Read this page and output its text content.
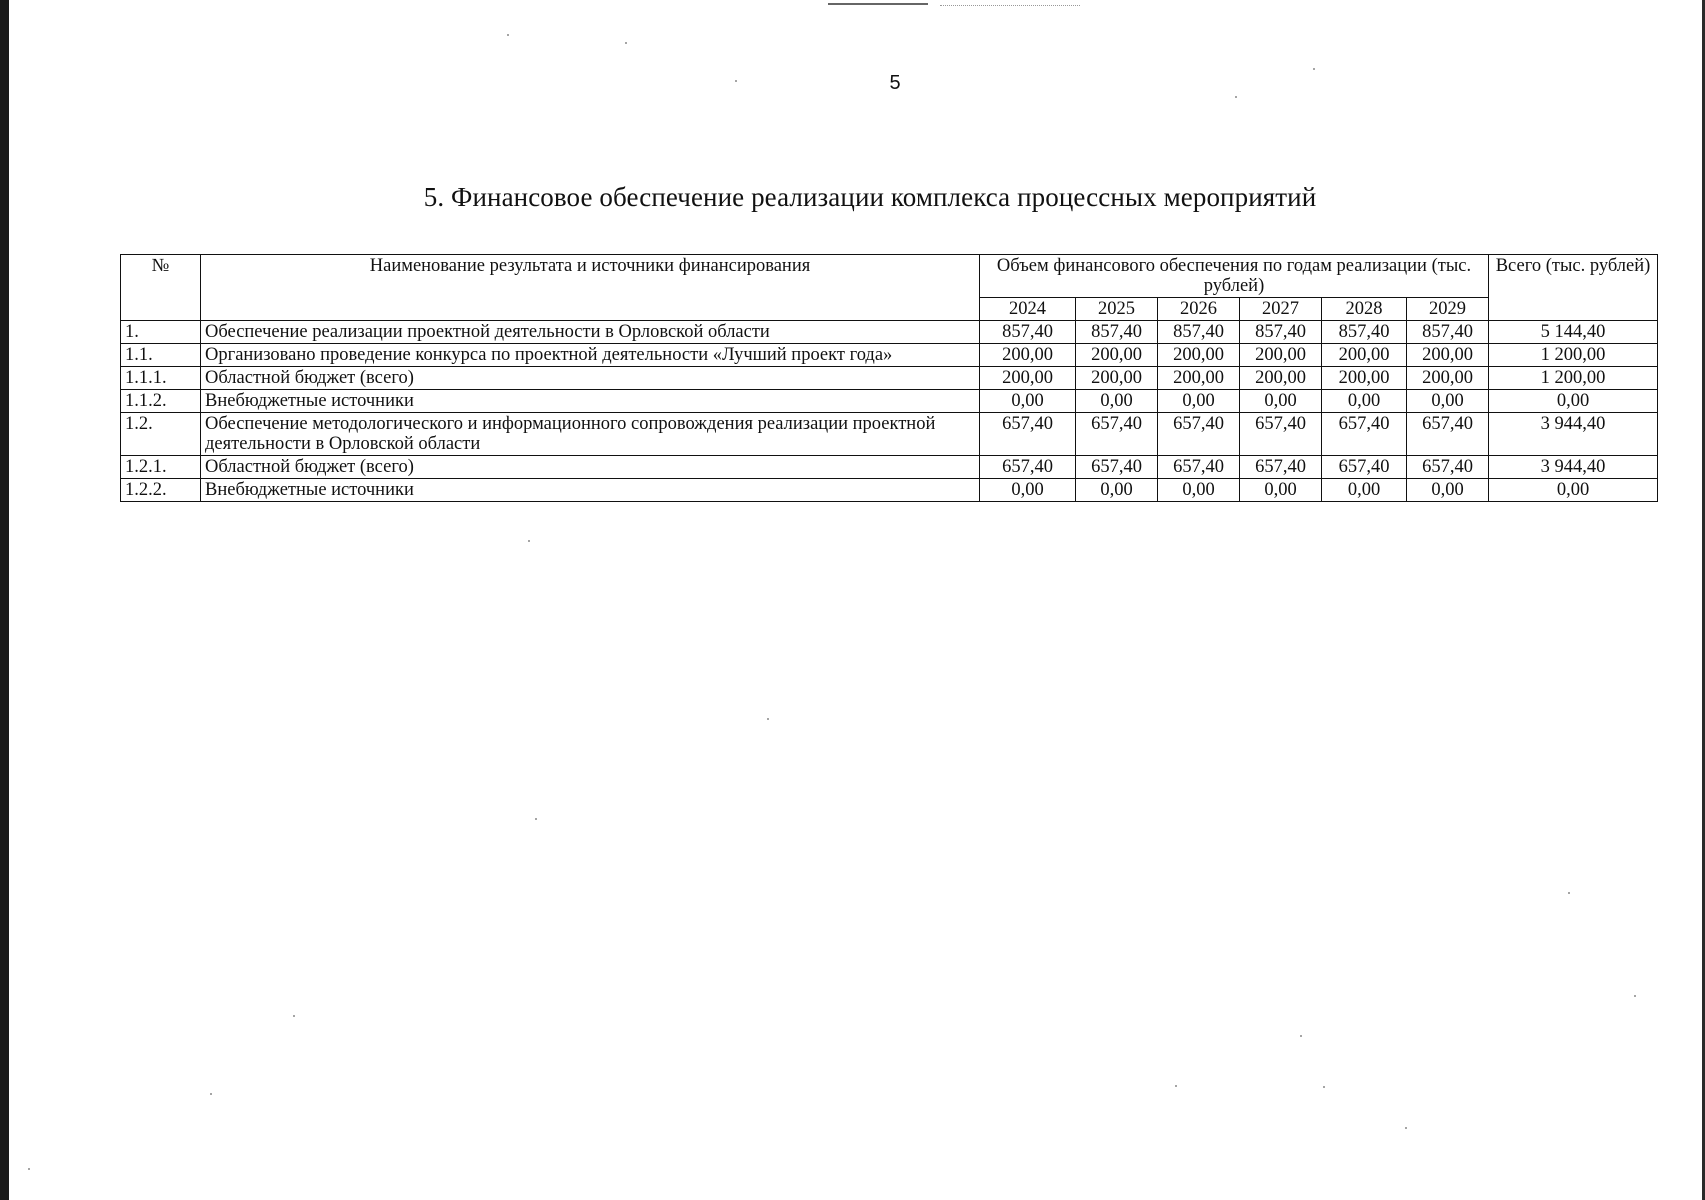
5
5. Финансовое обеспечение реализации комплекса процессных мероприятий
№	Наименование результата и источники финансирования	Объем финансового обеспечения по годам реализации (тыс. рублей)						Всего (тыс. рублей)
		2024	2025	2026	2027	2028	2029	
1.	Обеспечение реализации проектной деятельности в Орловской области	857,40	857,40	857,40	857,40	857,40	857,40	5 144,40
1.1.	Организовано проведение конкурса по проектной деятельности «Лучший проект года»	200,00	200,00	200,00	200,00	200,00	200,00	1 200,00
1.1.1.	Областной бюджет (всего)	200,00	200,00	200,00	200,00	200,00	200,00	1 200,00
1.1.2.	Внебюджетные источники	0,00	0,00	0,00	0,00	0,00	0,00	0,00
1.2.	Обеспечение методологического и информационного сопровождения реализации проектной деятельности в Орловской области	657,40	657,40	657,40	657,40	657,40	657,40	3 944,40
1.2.1.	Областной бюджет (всего)	657,40	657,40	657,40	657,40	657,40	657,40	3 944,40
1.2.2.	Внебюджетные источники	0,00	0,00	0,00	0,00	0,00	0,00	0,00
